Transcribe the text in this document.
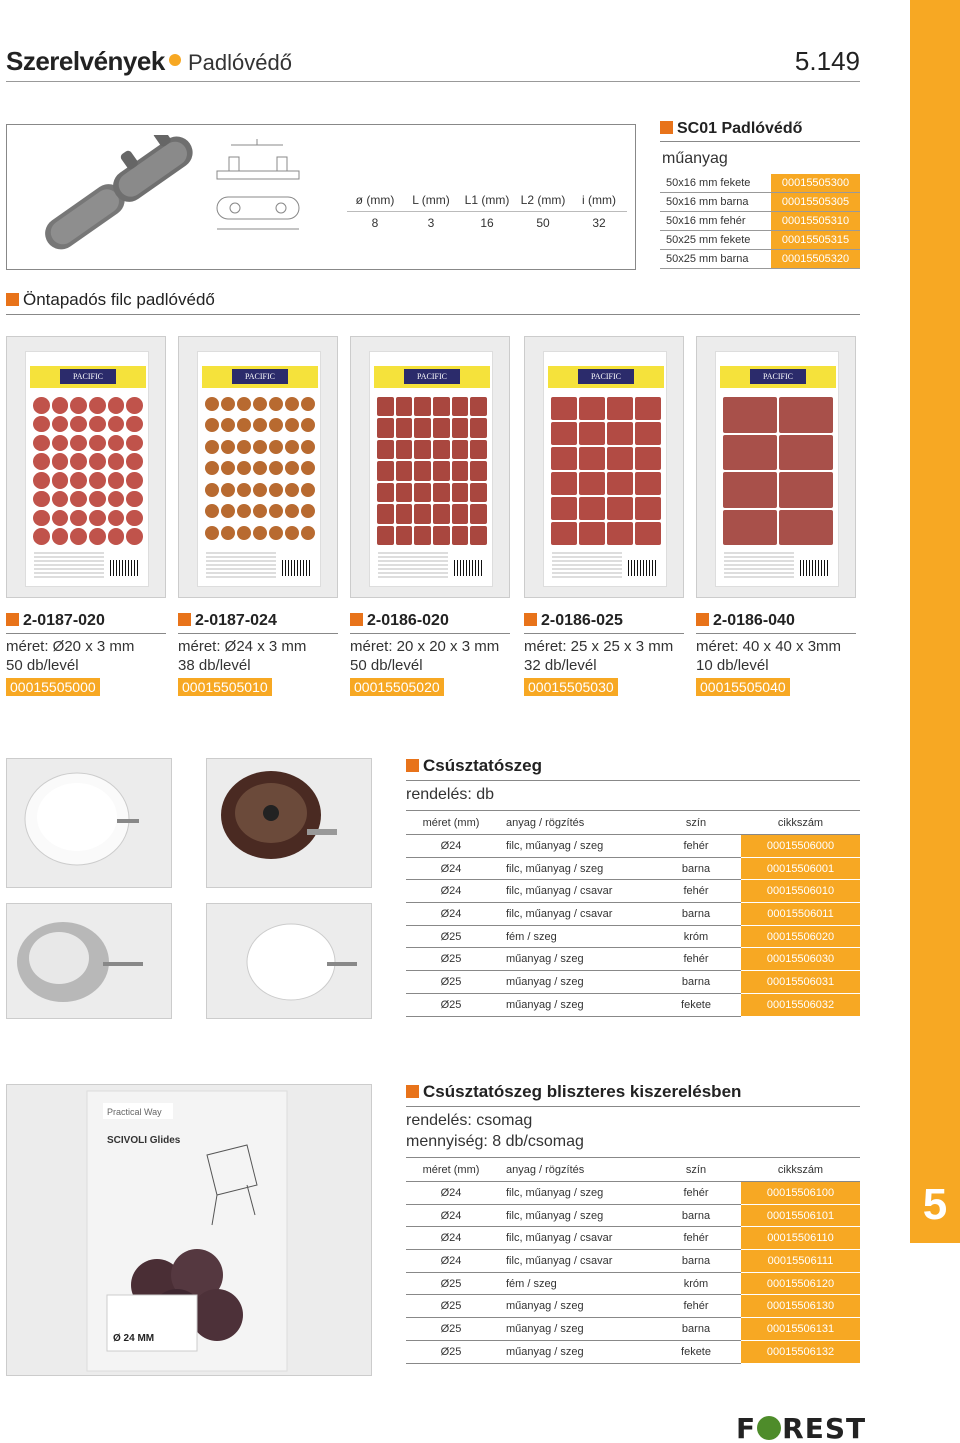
5
Szerelvények Padlóvédő	5.149
ø (mm)	L (mm)	L1 (mm)	L2 (mm)	i (mm)
8	3	16	50	32
SC01 Padlóvédő
műanyag
50x16 mm fekete	00015505300
50x16 mm barna	00015505305
50x16 mm fehér	00015505310
50x25 mm fekete	00015505315
50x25 mm barna	00015505320
Öntapadós filc padlóvédő
PACIFIC
2-0187-020
méret: Ø20 x 3 mm
50 db/levél
00015505000
PACIFIC
2-0187-024
méret: Ø24 x 3 mm
38 db/levél
00015505010
PACIFIC
2-0186-020
méret: 20 x 20 x 3 mm
50 db/levél
00015505020
PACIFIC
2-0186-025
méret: 25 x 25 x 3 mm
32 db/levél
00015505030
PACIFIC
2-0186-040
méret: 40 x 40 x 3mm
10 db/levél
00015505040
Csúsztatószeg
rendelés: db
méret (mm)	anyag / rögzítés	szín	cikkszám
Ø24	filc, műanyag / szeg	fehér	00015506000
Ø24	filc, műanyag / szeg	barna	00015506001
Ø24	filc, műanyag / csavar	fehér	00015506010
Ø24	filc, műanyag / csavar	barna	00015506011
Ø25	fém / szeg	króm	00015506020
Ø25	műanyag / szeg	fehér	00015506030
Ø25	műanyag / szeg	barna	00015506031
Ø25	műanyag / szeg	fekete	00015506032
Practical Way
SCIVOLI Glides
Ø 24 MM
Csúsztatószeg bliszteres kiszerelésben
rendelés: csomag
mennyiség: 8 db/csomag
méret (mm)	anyag / rögzítés	szín	cikkszám
Ø24	filc, műanyag / szeg	fehér	00015506100
Ø24	filc, műanyag / szeg	barna	00015506101
Ø24	filc, műanyag / csavar	fehér	00015506110
Ø24	filc, műanyag / csavar	barna	00015506111
Ø25	fém / szeg	króm	00015506120
Ø25	műanyag / szeg	fehér	00015506130
Ø25	műanyag / szeg	barna	00015506131
Ø25	műanyag / szeg	fekete	00015506132
F REST
